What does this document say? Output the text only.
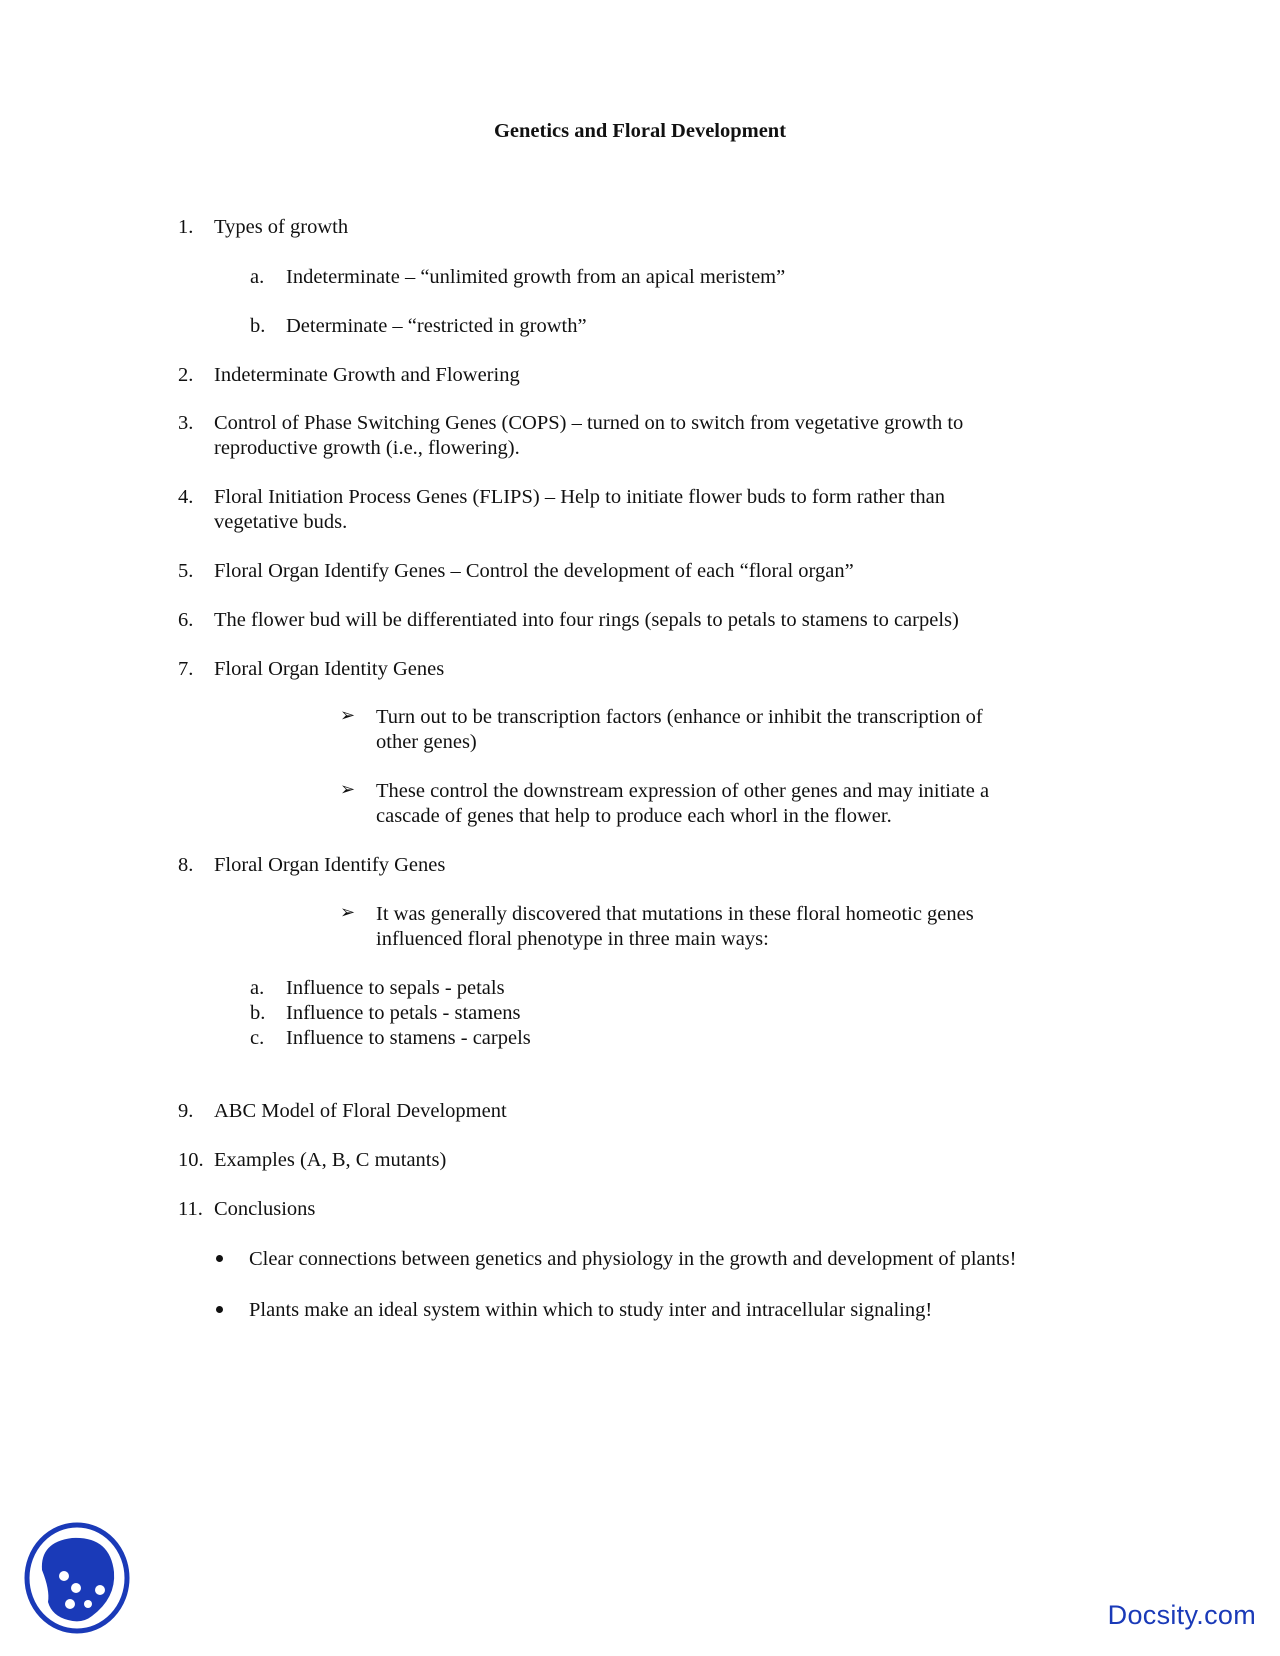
Genetics and Floral Development
1. Types of growth
a. Indeterminate – “unlimited growth from an apical meristem”
b. Determinate – “restricted in growth”
2. Indeterminate Growth and Flowering
3. Control of Phase Switching Genes (COPS) – turned on to switch from vegetative growth to
reproductive growth (i.e., flowering).
4. Floral Initiation Process Genes (FLIPS) – Help to initiate flower buds to form rather than
vegetative buds.
5. Floral Organ Identify Genes – Control the development of each “floral organ”
6. The flower bud will be differentiated into four rings (sepals to petals to stamens to carpels)
7. Floral Organ Identity Genes
➢ Turn out to be transcription factors (enhance or inhibit the transcription of
other genes)
➢ These control the downstream expression of other genes and may initiate a
cascade of genes that help to produce each whorl in the flower.
8. Floral Organ Identify Genes
➢ It was generally discovered that mutations in these floral homeotic genes
influenced floral phenotype in three main ways:
a. Influence to sepals - petals
b. Influence to petals - stamens
c. Influence to stamens - carpels
9. ABC Model of Floral Development
10. Examples (A, B, C mutants)
11. Conclusions
Clear connections between genetics and physiology in the growth and development of plants!
Plants make an ideal system within which to study inter and intracellular signaling!
Docsity.com
